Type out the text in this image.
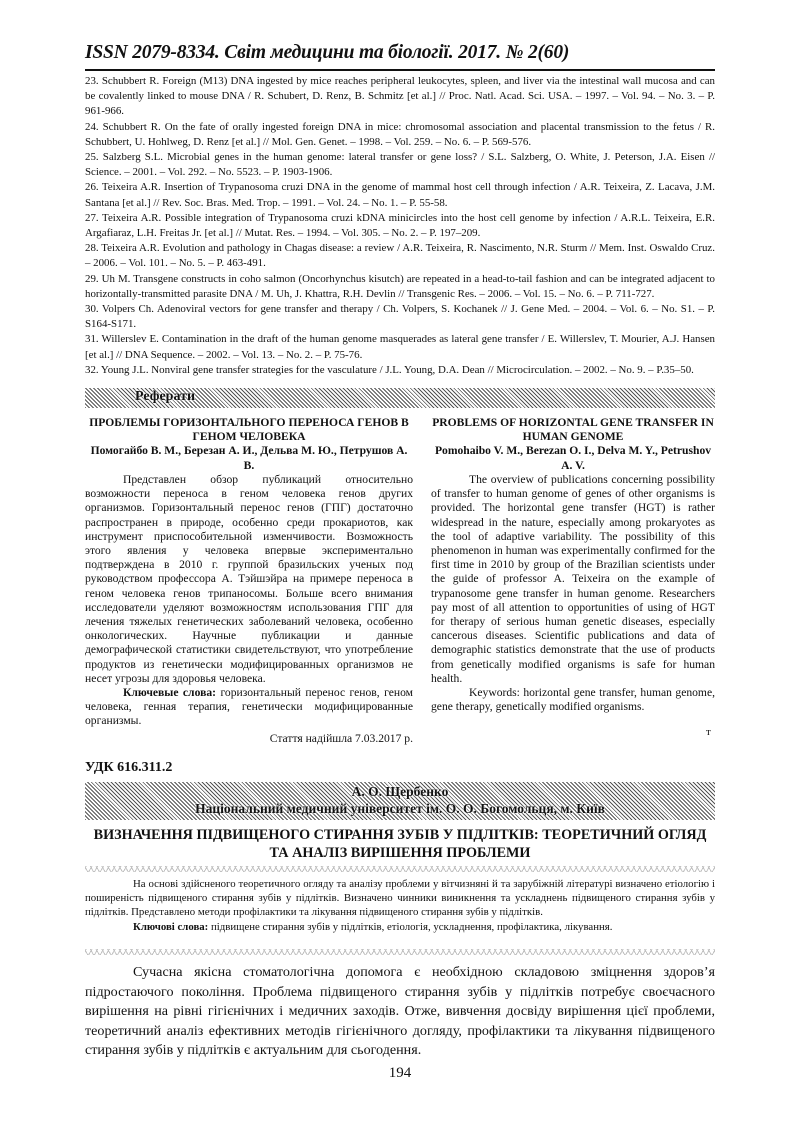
ISSN 2079-8334. Світ медицини та біології. 2017. № 2(60)

23. Schubbert R. Foreign (M13) DNA ingested by mice reaches peripheral leukocytes, spleen, and liver via the intestinal wall mucosa and can be covalently linked to mouse DNA / R. Schubert, D. Renz, B. Schmitz [et al.] // Proc. Natl. Acad. Sci. USA. – 1997. – Vol. 94. – No. 3. – P. 961-966.

24. Schubbert R. On the fate of orally ingested foreign DNA in mice: chromosomal association and placental transmission to the fetus / R. Schubbert, U. Hohlweg, D. Renz [et al.] // Mol. Gen. Genet. – 1998. – Vol. 259. – No. 6. – P. 569-576.

25. Salzberg S.L. Microbial genes in the human genome: lateral transfer or gene loss? / S.L. Salzberg, O. White, J. Peterson, J.A. Eisen // Science. – 2001. – Vol. 292. – No. 5523. – P. 1903-1906.

26. Teixeira A.R. Insertion of Trypanosoma cruzi DNA in the genome of mammal host cell through infection / A.R. Teixeira, Z. Lacava, J.M. Santana [et al.] // Rev. Soc. Bras. Med. Trop. – 1991. – Vol. 24. – No. 1. – P. 55-58.

27. Teixeira A.R. Possible integration of Trypanosoma cruzi kDNA minicircles into the host cell genome by infection / A.R.L. Teixeira, E.R. Argafiaraz, L.H. Freitas Jr. [et al.] // Mutat. Res. – 1994. – Vol. 305. – No. 2. – P. 197–209.

28. Teixeira A.R. Evolution and pathology in Chagas disease: a review / A.R. Teixeira, R. Nascimento, N.R. Sturm // Mem. Inst. Oswaldo Cruz. – 2006. – Vol. 101. – No. 5. – P. 463-491.

29. Uh M. Transgene constructs in coho salmon (Oncorhynchus kisutch) are repeated in a head-to-tail fashion and can be integrated adjacent to horizontally-transmitted parasite DNA / M. Uh, J. Khattra, R.H. Devlin // Transgenic Res. – 2006. – Vol. 15. – No. 6. – P. 711-727.

30. Volpers Ch. Adenoviral vectors for gene transfer and therapy / Ch. Volpers, S. Kochanek // J. Gene Med. – 2004. – Vol. 6. – No. S1. – P. S164-S171.

31. Willerslev E. Contamination in the draft of the human genome masquerades as lateral gene transfer / E. Willerslev, T. Mourier, A.J. Hansen [et al.] // DNA Sequence. – 2002. – Vol. 13. – No. 2. – P. 75-76.

32. Young J.L. Nonviral gene transfer strategies for the vasculature / J.L. Young, D.A. Dean // Microcirculation. – 2002. – No. 9. – P.35–50.

Реферати
ПРОБЛЕМЫ ГОРИЗОНТАЛЬНОГО ПЕРЕНОСА ГЕНОВ В ГЕНОМ ЧЕЛОВЕКА
Помогайбо В. М., Березан А. И., Дельва М. Ю., Петрушов А. В.

Представлен обзор публикаций относительно возможности переноса в геном человека генов других организмов. Горизонтальный перенос генов (ГПГ) достаточно распространен в природе, особенно среди прокариотов, как инструмент приспособительной изменчивости. Возможность этого явления у человека впервые экспериментально подтверждена в 2010 г. группой бразильских ученых под руководством профессора А. Тэйшэйра на примере переноса в геном человека генов трипаносомы. Больше всего внимания исследователи уделяют возможностям использования ГПГ для лечения тяжелых генетических заболеваний человека, особенно онкологических. Научные публикации и данные демографической статистики свидетельствуют, что употребление продуктов из генетически модифицированных организмов не несет угрозы для здоровья человека.

Ключевые слова: горизонтальный перенос генов, геном человека, генная терапия, генетически модифицированные организмы.

Стаття надійшла 7.03.2017 р.
PROBLEMS OF HORIZONTAL GENE TRANSFER IN HUMAN GENOME
Pomohaibo V. M., Berezan O. I., Delva M. Y., Petrushov A. V.

The overview of publications concerning possibility of transfer to human genome of genes of other organisms is provided. The horizontal gene transfer (HGT) is rather widespread in the nature, especially among prokaryotes as the tool of adaptive variability. The possibility of this phenomenon in human was experimentally confirmed for the first time in 2010 by group of the Brazilian scientists under the guide of professor A. Teixeira on the example of trypanosome gene transfer in human genome. Researchers pay most of all attention to opportunities of using of HGT for therapy of serious human genetic diseases, especially cancerous diseases. Scientific publications and data of demographic statistics demonstrate that the use of products from genetically modified organisms is safe for human health.

Keywords: horizontal gene transfer, human genome, gene therapy, genetically modified organisms.

т
УДК 616.311.2
А. О. Щербенко
Національний медичний університет ім. О. О. Богомольця, м. Київ
ВИЗНАЧЕННЯ ПІДВИЩЕНОГО СТИРАННЯ ЗУБІВ У ПІДЛІТКІВ: ТЕОРЕТИЧНИЙ ОГЛЯД ТА АНАЛІЗ ВИРІШЕННЯ ПРОБЛЕМИ

На основі здійсненого теоретичного огляду та аналізу проблеми у вітчизняні й та зарубіжній літературі визначено етіологію і поширеність підвищеного стирання зубів у підлітків. Визначено чинники виникнення та ускладнень підвищеного стирання зубів у підлітків. Представлено методи профілактики та лікування підвищеного стирання зубів у підлітків.

Ключові слова: підвищене стирання зубів у підлітків, етіологія, ускладнення, профілактика, лікування.

Сучасна якісна стоматологічна допомога є необхідною складовою зміцнення здоров’я підростаючого покоління. Проблема підвищеного стирання зубів у підлітків потребує своєчасного вирішення на рівні гігієнічних і медичних заходів. Отже, вивчення досвіду вирішення цієї проблеми, теоретичний аналіз ефективних методів гігієнічного догляду, профілактики та лікування підвищеного стирання зубів у підлітків є актуальним для сьогодення.

194
